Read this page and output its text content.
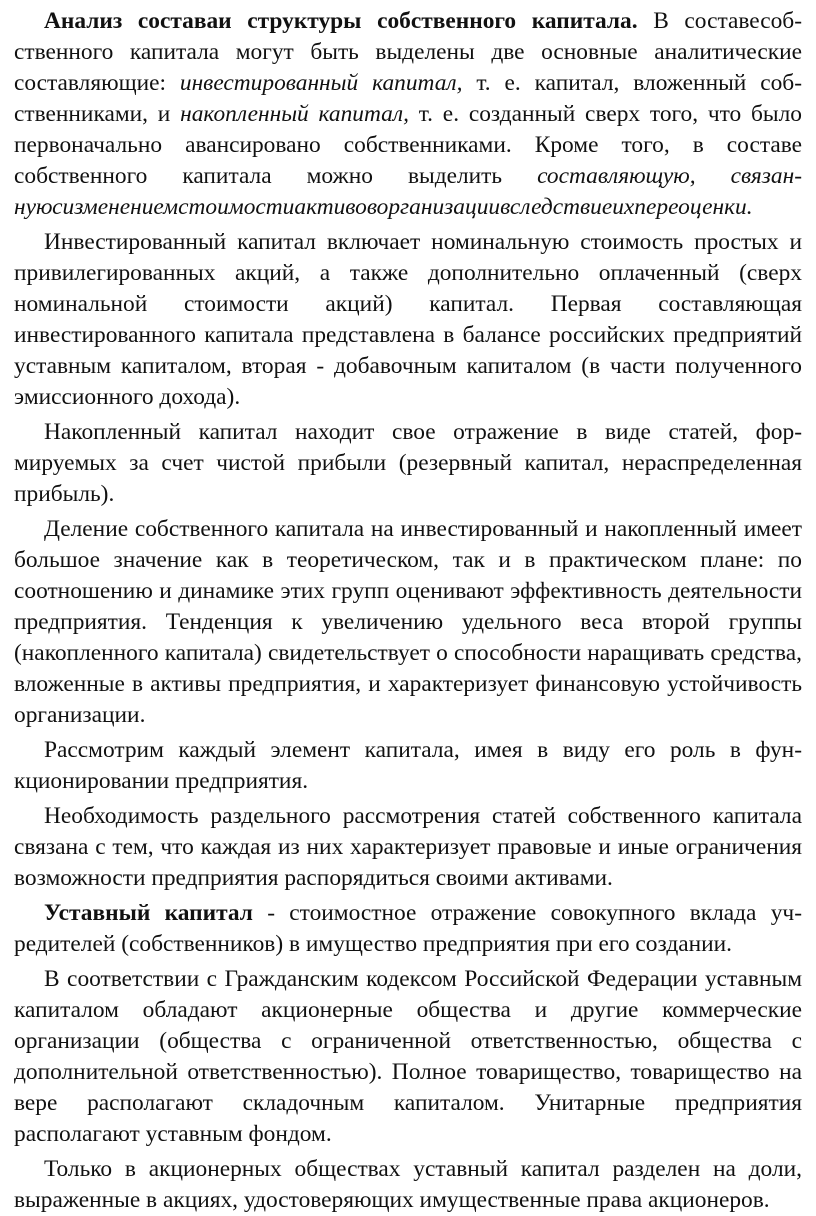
Анализ составаи структуры собственного капитала. В составесобственного капитала могут быть выделены две основные аналитические составляющие: инвестированный капитал, т. е. капитал, вложенный собственниками, и накопленный капитал, т. е. созданный сверх того, что было первоначально авансировано собственниками. Кроме того, в составе собственного капитала можно выделить составляющую, связаннуюсизменениемстоимостиактивоворганизациивследствиеихпереоценки.

Инвестированный капитал включает номинальную стоимость простых и привилегированных акций, а также дополнительно оплаченный (сверх номинальной стоимости акций) капитал. Первая составляющая инвестированного капитала представлена в балансе российских предприятий уставным капиталом, вторая - добавочным капиталом (в части полученного эмиссионного дохода).

Накопленный капитал находит свое отражение в виде статей, формируемых за счет чистой прибыли (резервный капитал, нераспределенная прибыль).

Деление собственного капитала на инвестированный и накопленный имеет большое значение как в теоретическом, так и в практическом плане: по соотношению и динамике этих групп оценивают эффективность деятельности предприятия. Тенденция к увеличению удельного веса второй группы (накопленного капитала) свидетельствует о способности наращивать средства, вложенные в активы предприятия, и характеризует финансовую устойчивость организации.

Рассмотрим каждый элемент капитала, имея в виду его роль в функционировании предприятия.

Необходимость раздельного рассмотрения статей собственного капитала связана с тем, что каждая из них характеризует правовые и иные ограничения возможности предприятия распорядиться своими активами.

Уставный капитал - стоимостное отражение совокупного вклада учредителей (собственников) в имущество предприятия при его создании.

В соответствии с Гражданским кодексом Российской Федерации уставным капиталом обладают акционерные общества и другие коммерческие организации (общества с ограниченной ответственностью, общества с дополнительной ответственностью). Полное товарищество, товарищество на вере располагают складочным капиталом. Унитарные предприятия располагают уставным фондом.

Только в акционерных обществах уставный капитал разделен на доли, выраженные в акциях, удостоверяющих имущественные права акционеров.
